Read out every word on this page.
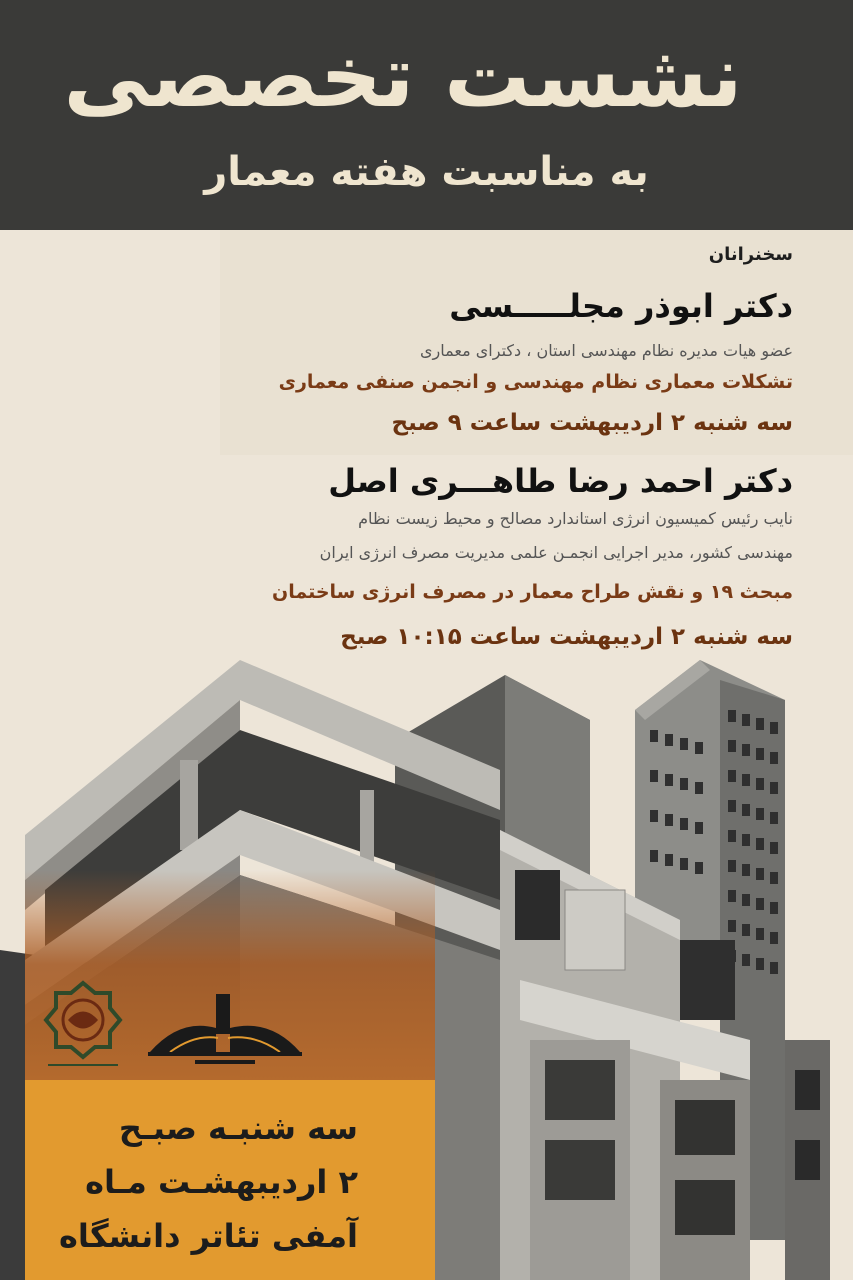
نشست تخصصی
به مناسبت هفته معمار
سخنرانان
دکتر ابوذر مجلـــــسی
عضو هیات مدیره نظام مهندسی استان ، دکترای معماری
تشکلات معماری نظام مهندسی و انجمن صنفی معماری
سه شنبه ۲ اردیبهشت ساعت ۹ صبح
دکتر احمد رضا طاهـــری اصل
نایب رئیس کمیسیون انرژی استاندارد مصالح و محیط زیست نظام
مهندسی کشور، مدیر اجرایی انجمـن علمی مدیریت مصرف انرژی ایران
مبحث ۱۹ و نقش طراح معمار در مصرف انرژی ساختمان
سه شنبه ۲ اردیبهشت ساعت ۱۰:۱۵ صبح
سه شنبـه صبـح
۲ اردیبهشـت مـاه
آمفی تئاتر دانشگاه
